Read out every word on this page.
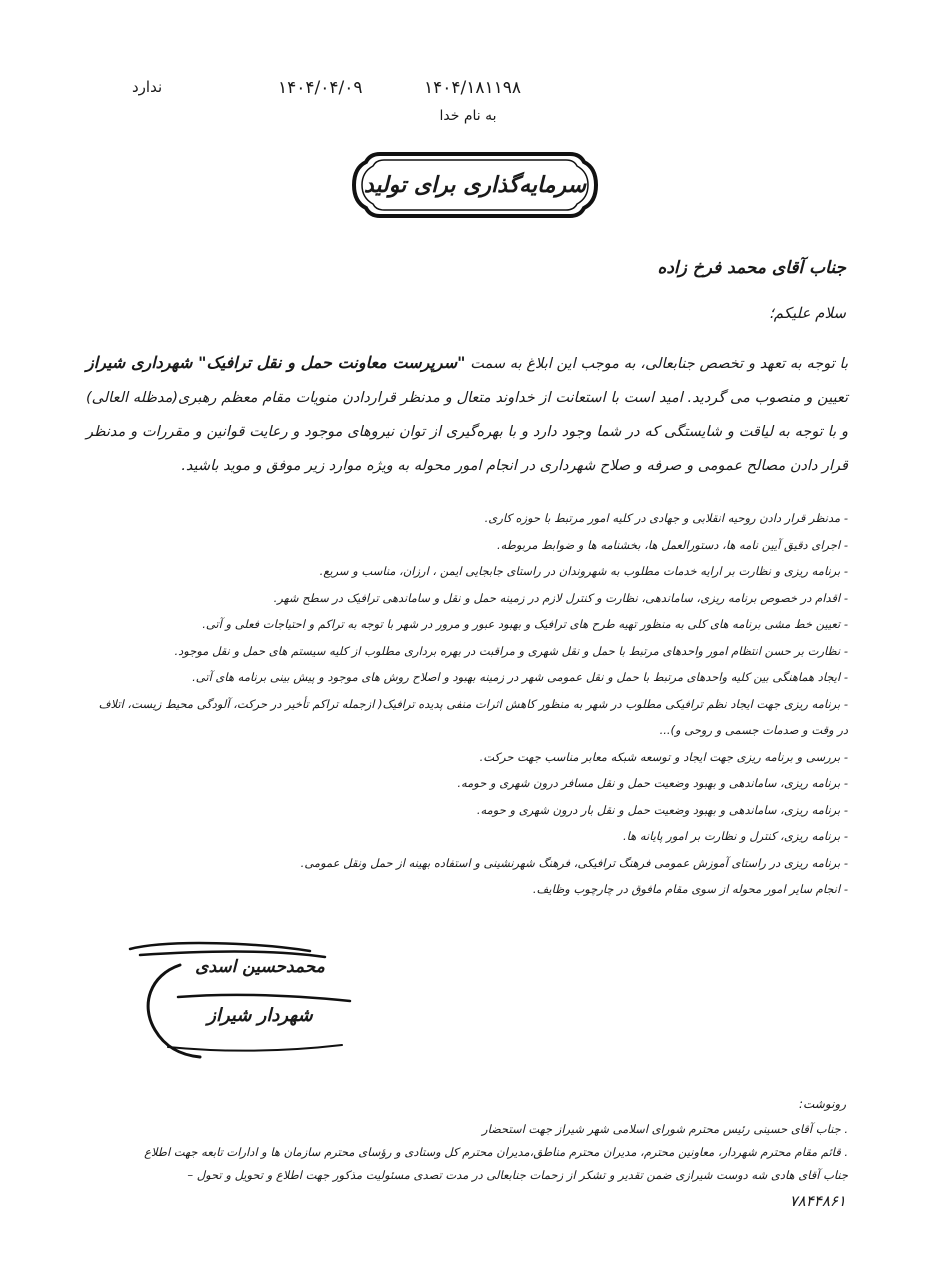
۱۴۰۴/۱۸۱۱۹۸
۱۴۰۴/۰۴/۰۹
ندارد
به نام خدا
سرمایه‌گذاری برای تولید
جناب آقای محمد فرخ زاده
سلام علیکم؛
با توجه به تعهد و تخصص جنابعالی، به موجب این ابلاغ به سمت "سرپرست معاونت حمل و نقل ترافیک" شهرداری شیراز تعیین و منصوب می گردید. امید است با استعانت از خداوند متعال و مدنظر قراردادن منویات مقام معظم رهبری(مدظله العالی) و با توجه به لیاقت و شایستگی که در شما وجود دارد و با بهره‌گیری از توان نیروهای موجود و رعایت قوانین و مقررات و مدنظر قرار دادن مصالح عمومی و صرفه و صلاح شهرداری در انجام امور محوله به ویژه موارد زیر موفق و موید باشید.
- مدنظر قرار دادن روحیه انقلابی و جهادی در کلیه امور مرتبط با حوزه کاری.
- اجرای دقیق آیین نامه ها، دستورالعمل ها، بخشنامه ها و ضوابط مربوطه.
- برنامه ریزی و نظارت بر ارایه خدمات مطلوب به شهروندان در راستای جابجایی ایمن ، ارزان، مناسب و سریع.
- اقدام در خصوص برنامه ریزی، ساماندهی، نظارت و کنترل لازم در زمینه حمل و نقل و ساماندهی ترافیک در سطح شهر.
- تعیین خط مشی برنامه های کلی به منظور تهیه طرح های ترافیک و بهبود عبور و مرور در شهر با توجه به تراکم و احتیاجات فعلی و آتی.
- نظارت بر حسن انتظام امور واحدهای مرتبط با حمل و نقل شهری و مراقبت در بهره برداری مطلوب از کلیه سیستم های حمل و نقل موجود.
- ایجاد هماهنگی بین کلیه واحدهای مرتبط با حمل و نقل عمومی شهر در زمینه بهبود و اصلاح روش های موجود و پیش بینی برنامه های آتی.
- برنامه ریزی جهت ایجاد نظم ترافیکی مطلوب در شهر به منظور کاهش اثرات منفی پدیده ترافیک( ازجمله تراکم تأخیر در حرکت، آلودگی محیط زیست، اتلاف در وقت و صدمات جسمی و روحی و)...
- بررسی و برنامه ریزی جهت ایجاد و توسعه شبکه معابر مناسب جهت حرکت.
- برنامه ریزی، ساماندهی و بهبود وضعیت حمل و نقل مسافر درون شهری و حومه.
- برنامه ریزی، ساماندهی و بهبود وضعیت حمل و نقل بار درون شهری و حومه.
- برنامه ریزی، کنترل و نظارت بر امور پایانه ها.
- برنامه ریزی در راستای آموزش عمومی فرهنگ ترافیکی، فرهنگ شهرنشینی و استفاده بهینه از حمل ونقل عمومی.
- انجام سایر امور محوله از سوی مقام مافوق در چارچوب وظایف.
محمدحسین اسدی
شهردار شیراز
رونوشت:
. جناب آقای حسینی رئیس محترم شورای اسلامی شهر شیراز جهت استحضار
. قائم مقام محترم شهردار، معاونین محترم، مدیران محترم مناطق،مدیران محترم کل وستادی و رؤسای محترم سازمان ها و ادارات تابعه جهت اطلاع
جناب آقای هادی شه دوست شیرازی ضمن تقدیر و تشکر از زحمات جنابعالی در مدت تصدی مسئولیت مذکور جهت اطلاع و تحویل و تحول –
۷۸۴۴۸۶۱
